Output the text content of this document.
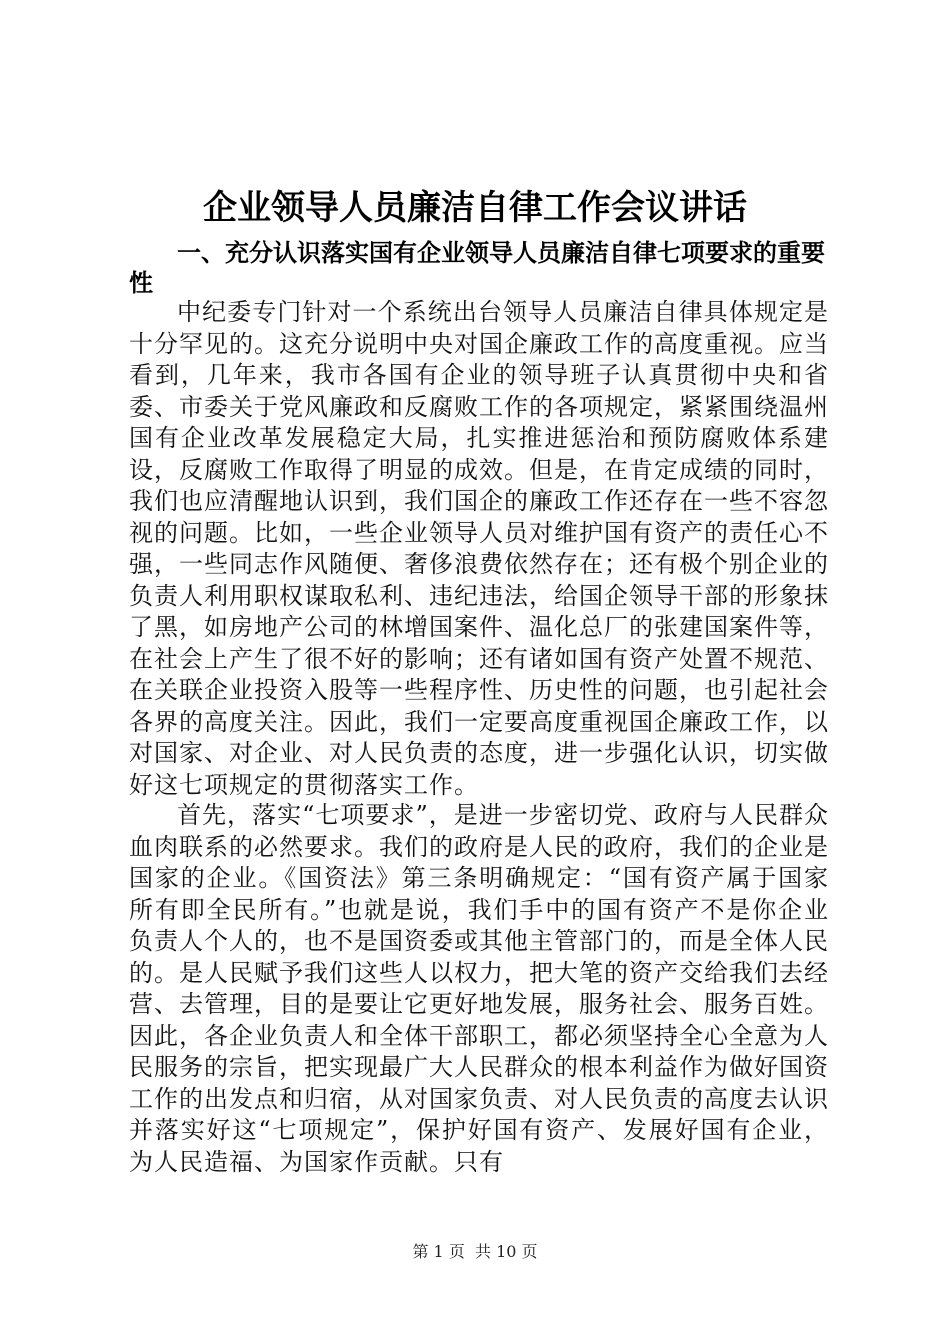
企业领导人员廉洁自律工作会议讲话

一、充分认识落实国有企业领导人员廉洁自律七项要求的重要性

中纪委专门针对一个系统出台领导人员廉洁自律具体规定是十分罕见的。这充分说明中央对国企廉政工作的高度重视。应当看到，几年来，我市各国有企业的领导班子认真贯彻中央和省委、市委关于党风廉政和反腐败工作的各项规定，紧紧围绕温州国有企业改革发展稳定大局，扎实推进惩治和预防腐败体系建设，反腐败工作取得了明显的成效。但是，在肯定成绩的同时，我们也应清醒地认识到，我们国企的廉政工作还存在一些不容忽视的问题。比如，一些企业领导人员对维护国有资产的责任心不强，一些同志作风随便、奢侈浪费依然存在；还有极个别企业的负责人利用职权谋取私利、违纪违法，给国企领导干部的形象抹了黑，如房地产公司的林增国案件、温化总厂的张建国案件等，在社会上产生了很不好的影响；还有诸如国有资产处置不规范、在关联企业投资入股等一些程序性、历史性的问题，也引起社会各界的高度关注。因此，我们一定要高度重视国企廉政工作，以对国家、对企业、对人民负责的态度，进一步强化认识，切实做好这七项规定的贯彻落实工作。

首先，落实“七项要求”，是进一步密切党、政府与人民群众血肉联系的必然要求。我们的政府是人民的政府，我们的企业是国家的企业。《国资法》第三条明确规定：“国有资产属于国家所有即全民所有。”也就是说，我们手中的国有资产不是你企业负责人个人的，也不是国资委或其他主管部门的，而是全体人民的。是人民赋予我们这些人以权力，把大笔的资产交给我们去经营、去管理，目的是要让它更好地发展，服务社会、服务百姓。因此，各企业负责人和全体干部职工，都必须坚持全心全意为人民服务的宗旨，把实现最广大人民群众的根本利益作为做好国资工作的出发点和归宿，从对国家负责、对人民负责的高度去认识并落实好这“七项规定”，保护好国有资产、发展好国有企业，为人民造福、为国家作贡献。只有

第 1 页  共 10 页
